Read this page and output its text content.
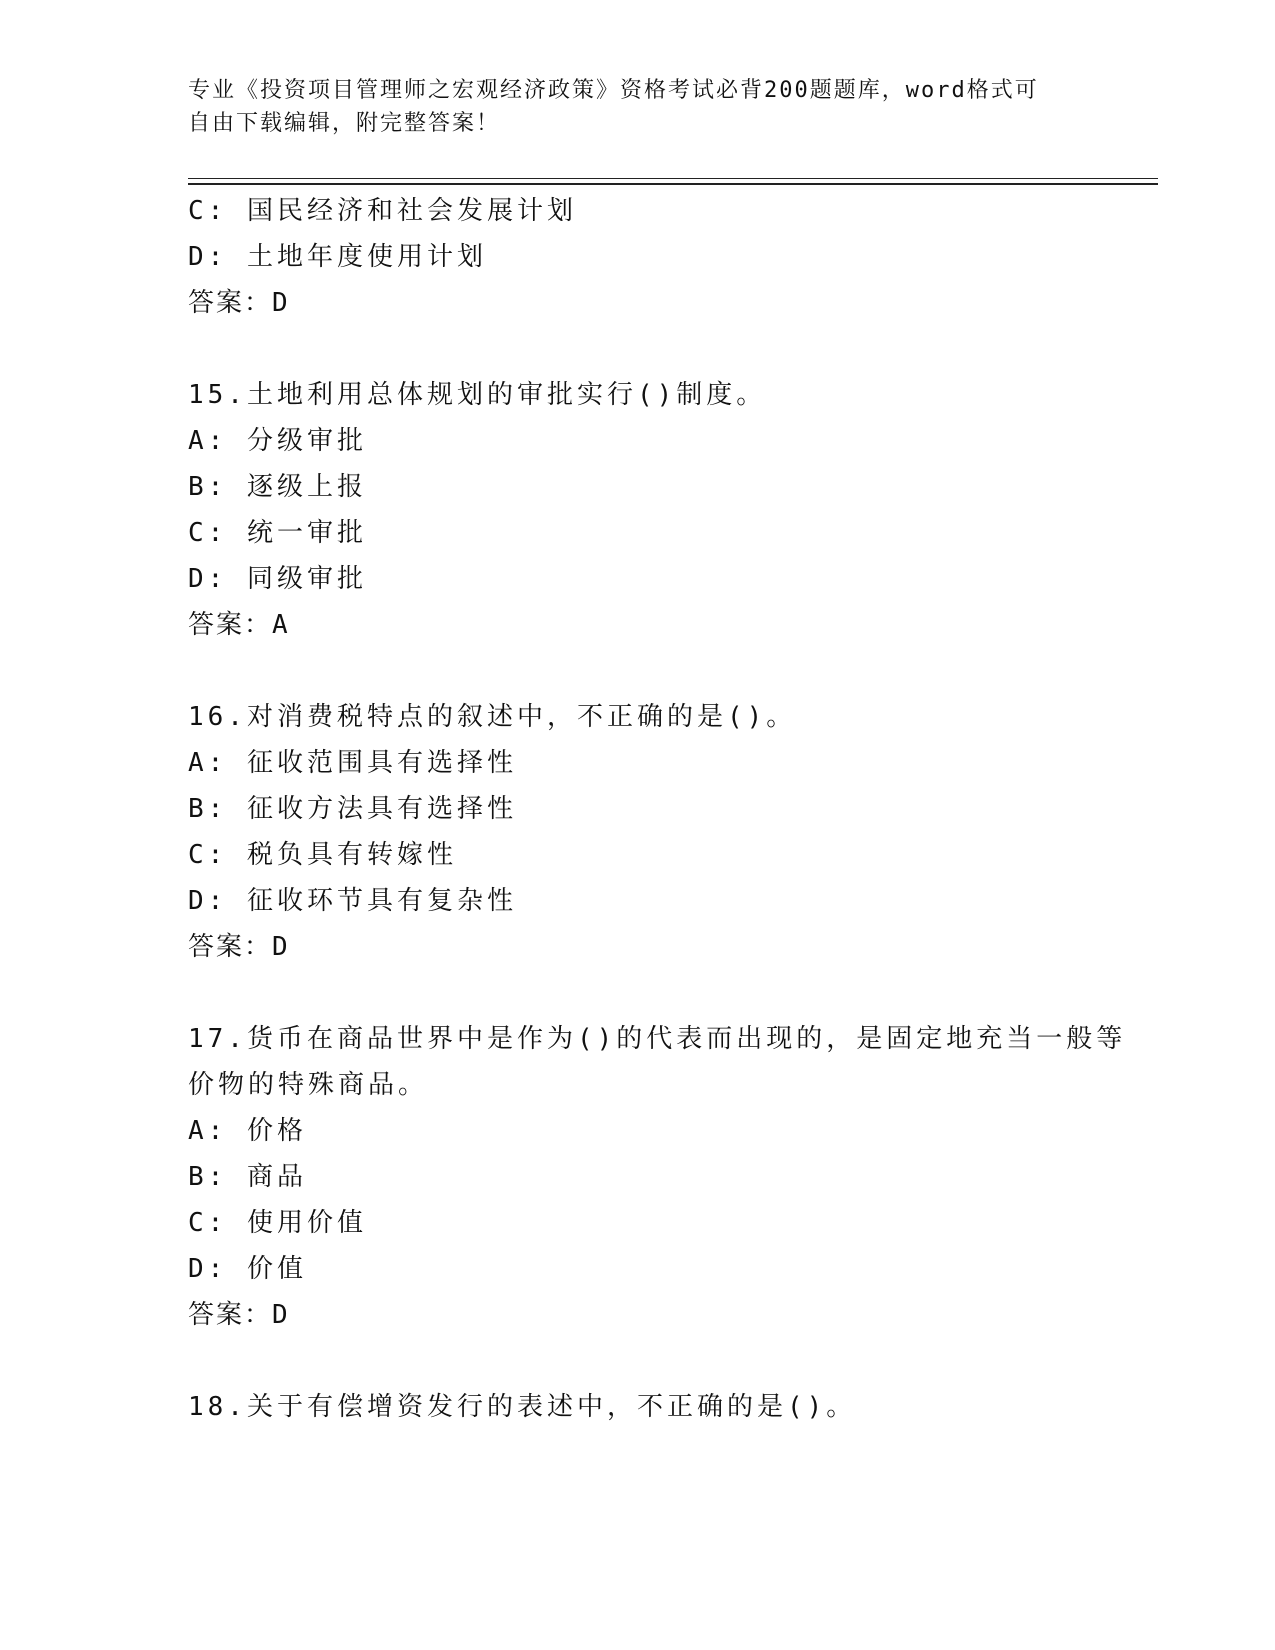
专业《投资项目管理师之宏观经济政策》资格考试必背200题题库，word格式可
自由下载编辑，附完整答案！
C: 国民经济和社会发展计划
D: 土地年度使用计划
答案：D
15.土地利用总体规划的审批实行()制度。
A: 分级审批
B: 逐级上报
C: 统一审批
D: 同级审批
答案：A
16.对消费税特点的叙述中，不正确的是()。
A: 征收范围具有选择性
B: 征收方法具有选择性
C: 税负具有转嫁性
D: 征收环节具有复杂性
答案：D
17.货币在商品世界中是作为()的代表而出现的，是固定地充当一般等
价物的特殊商品。
A: 价格
B: 商品
C: 使用价值
D: 价值
答案：D
18.关于有偿增资发行的表述中，不正确的是()。
